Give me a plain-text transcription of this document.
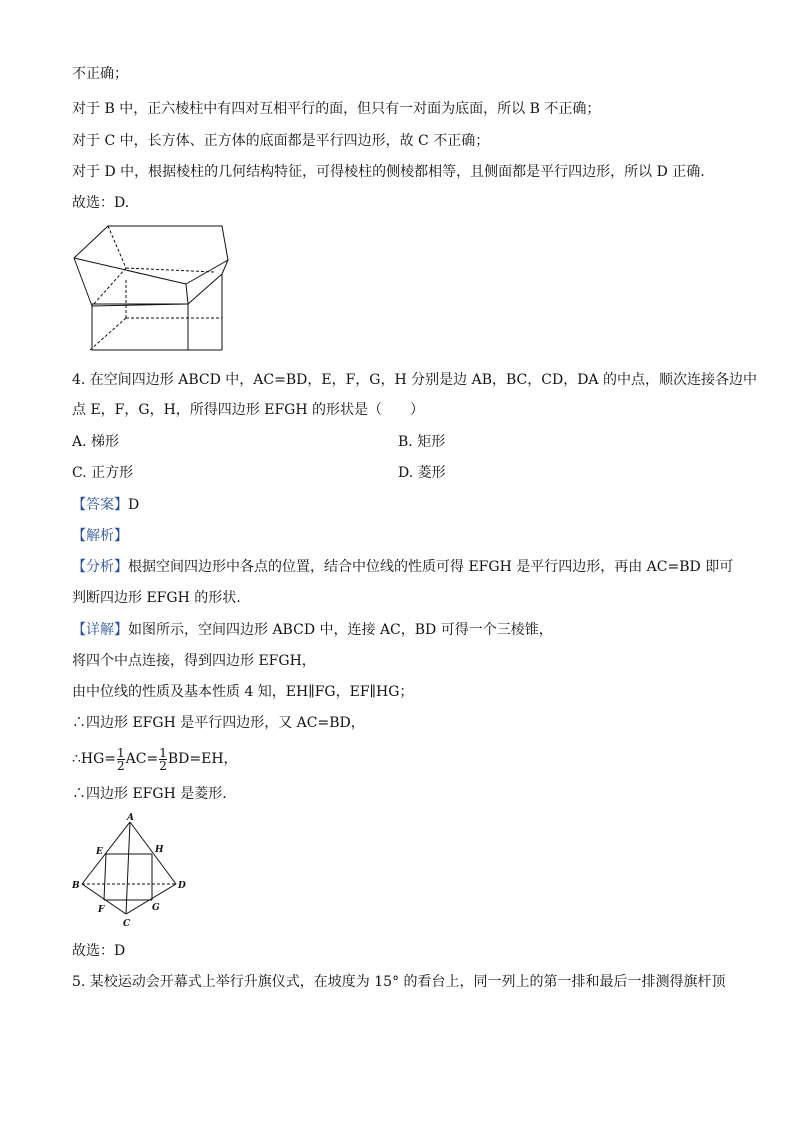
不正确；
对于 B 中，正六棱柱中有四对互相平行的面，但只有一对面为底面，所以 B 不正确；
对于 C 中，长方体、正方体的底面都是平行四边形，故 C 不正确；
对于 D 中，根据棱柱的几何结构特征，可得棱柱的侧棱都相等，且侧面都是平行四边形，所以 D 正确.
故选：D.
4. 在空间四边形 ABCD 中，AC=BD，E，F，G，H 分别是边 AB，BC，CD，DA 的中点，顺次连接各边中
点 E，F，G，H，所得四边形 EFGH 的形状是（　　）
A. 梯形	B. 矩形
C. 正方形	D. 菱形
【答案】D
【解析】
【分析】根据空间四边形中各点的位置，结合中位线的性质可得 EFGH 是平行四边形，再由 AC=BD 即可
判断四边形 EFGH 的形状.
【详解】如图所示，空间四边形 ABCD 中，连接 AC，BD 可得一个三棱锥，
将四个中点连接，得到四边形 EFGH，
由中位线的性质及基本性质 4 知，EH∥FG，EF∥HG；
∴四边形 EFGH 是平行四边形，又 AC=BD，
∴HG= $\frac{1}{2} AC= \frac{1}{2} BD=EH$，
∴四边形 EFGH 是菱形.
A
B
C
D
E
F	G
H
故选：D
5. 某校运动会开幕式上举行升旗仪式，在坡度为 15° 的看台上，同一列上的第一排和最后一排测得旗杆顶
